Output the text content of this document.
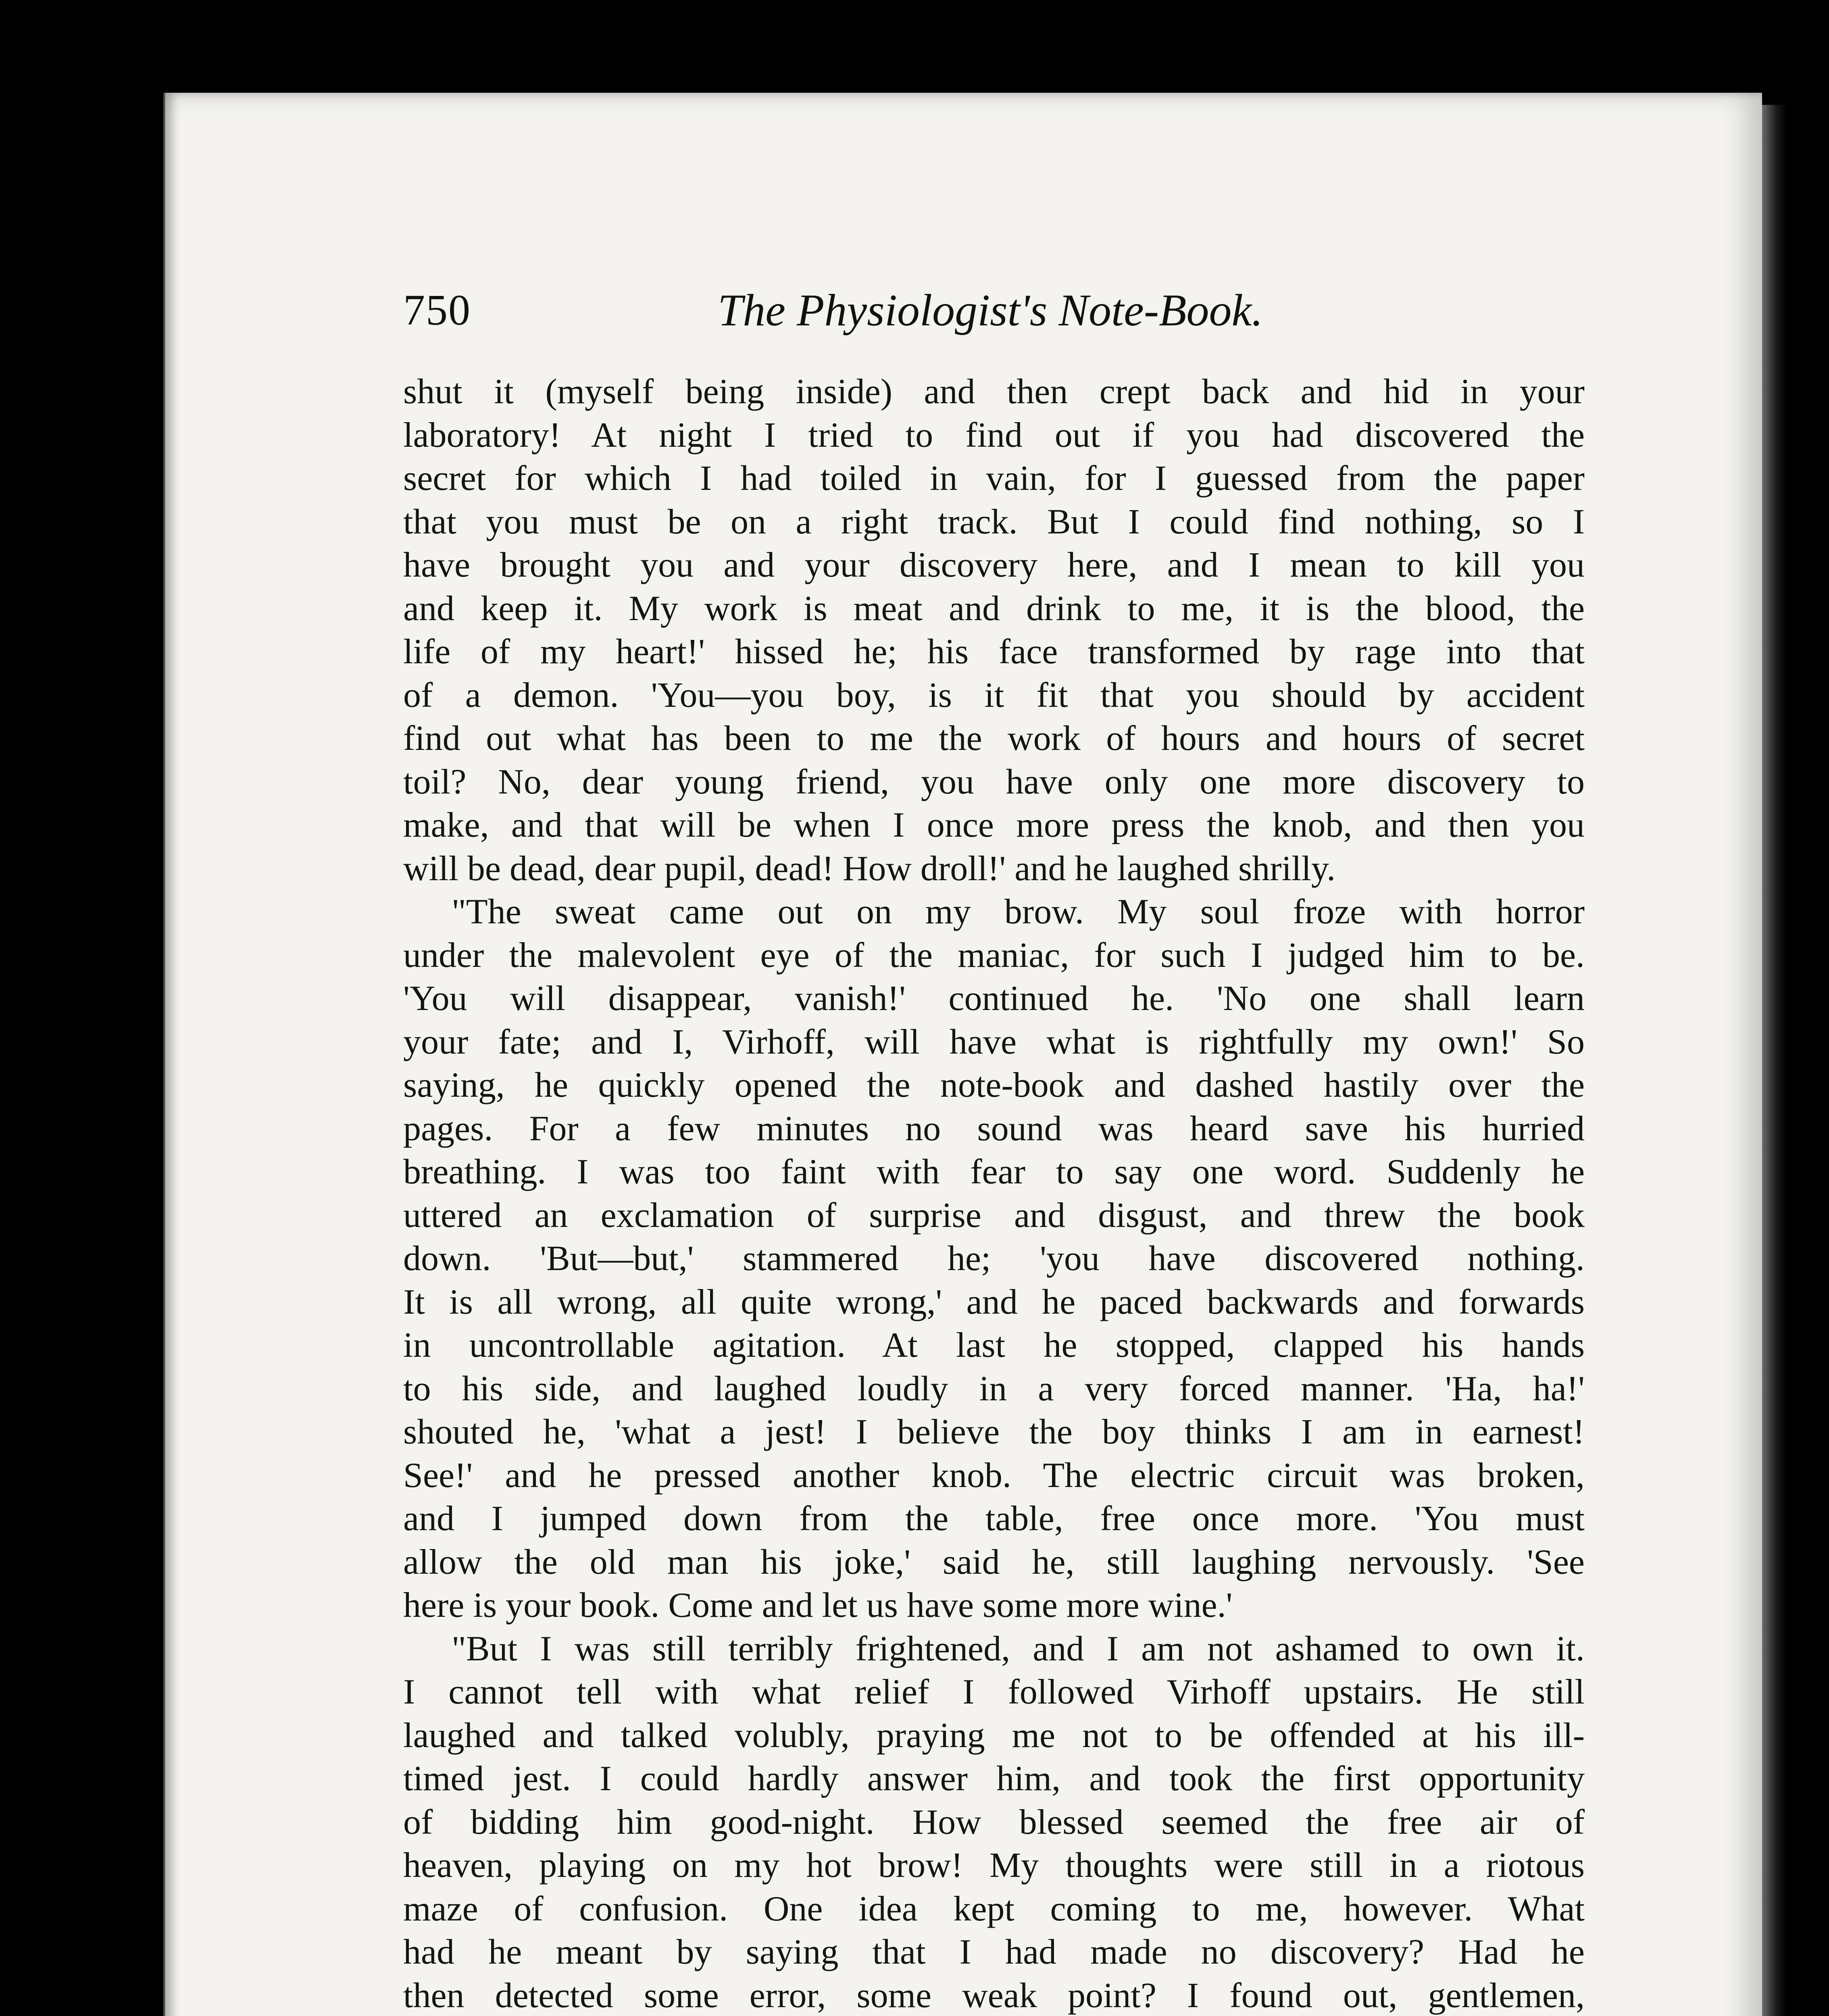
750	The Physiologist's Note-Book.
shut it (myself being inside) and then crept back and hid in your
laboratory! At night I tried to find out if you had discovered the
secret for which I had toiled in vain, for I guessed from the paper
that you must be on a right track. But I could find nothing, so I
have brought you and your discovery here, and I mean to kill you
and keep it. My work is meat and drink to me, it is the blood, the
life of my heart!' hissed he; his face transformed by rage into that
of a demon. 'You—you boy, is it fit that you should by accident
find out what has been to me the work of hours and hours of secret
toil? No, dear young friend, you have only one more discovery to
make, and that will be when I once more press the knob, and then you
will be dead, dear pupil, dead! How droll!' and he laughed shrilly.
"The sweat came out on my brow. My soul froze with horror
under the malevolent eye of the maniac, for such I judged him to be.
'You will disappear, vanish!' continued he. 'No one shall learn
your fate; and I, Virhoff, will have what is rightfully my own!' So
saying, he quickly opened the note-book and dashed hastily over the
pages. For a few minutes no sound was heard save his hurried
breathing. I was too faint with fear to say one word. Suddenly he
uttered an exclamation of surprise and disgust, and threw the book
down. 'But—but,' stammered he; 'you have discovered nothing.
It is all wrong, all quite wrong,' and he paced backwards and forwards
in uncontrollable agitation. At last he stopped, clapped his hands
to his side, and laughed loudly in a very forced manner. 'Ha, ha!'
shouted he, 'what a jest! I believe the boy thinks I am in earnest!
See!' and he pressed another knob. The electric circuit was broken,
and I jumped down from the table, free once more. 'You must
allow the old man his joke,' said he, still laughing nervously. 'See
here is your book. Come and let us have some more wine.'
"But I was still terribly frightened, and I am not ashamed to own it.
I cannot tell with what relief I followed Virhoff upstairs. He still
laughed and talked volubly, praying me not to be offended at his ill-
timed jest. I could hardly answer him, and took the first opportunity
of bidding him good-night. How blessed seemed the free air of
heaven, playing on my hot brow! My thoughts were still in a riotous
maze of confusion. One idea kept coming to me, however. What
had he meant by saying that I had made no discovery? Had he
then detected some error, some weak point? I found out, gentlemen,
